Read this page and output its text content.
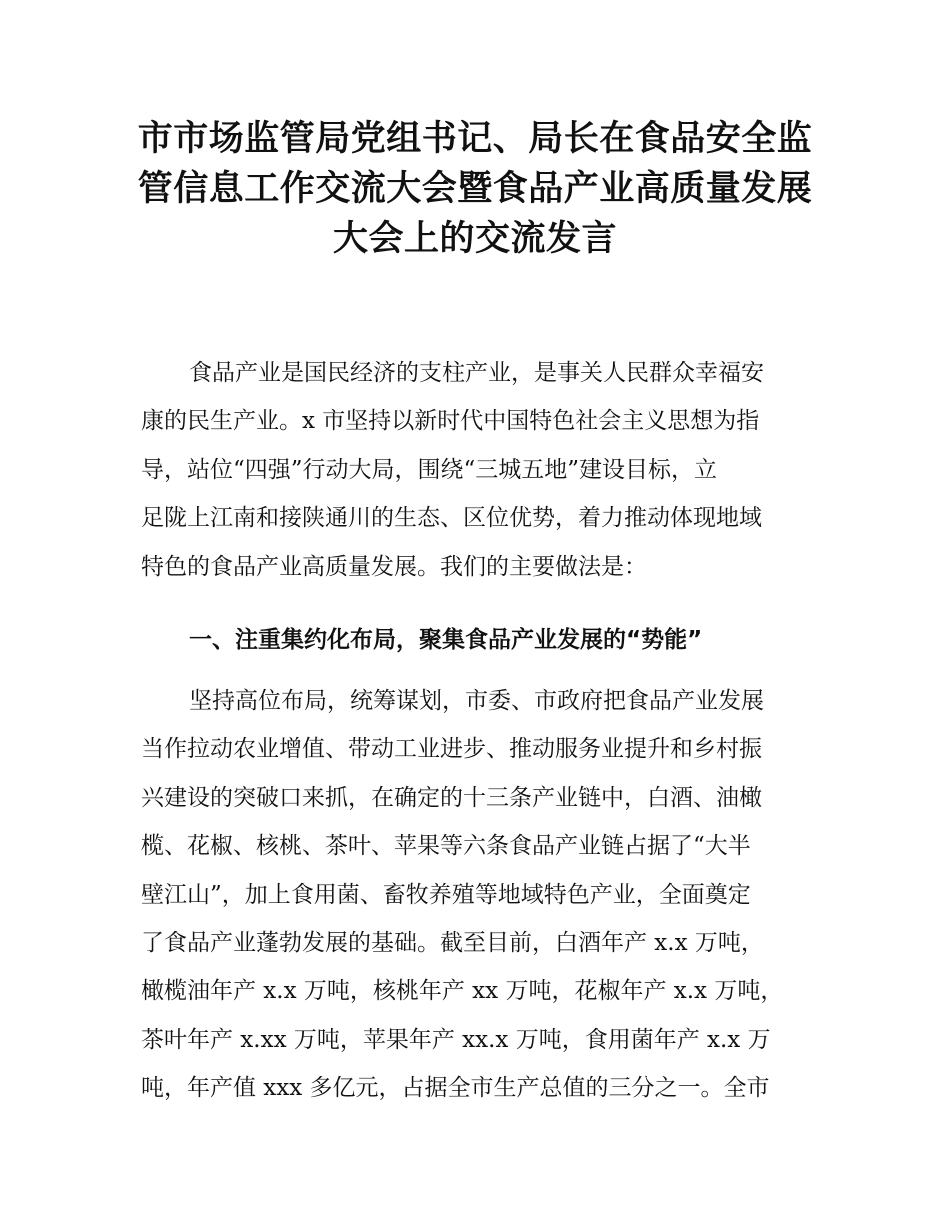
市市场监管局党组书记、局长在食品安全监
管信息工作交流大会暨食品产业高质量发展
大会上的交流发言

食品产业是国民经济的支柱产业，是事关人民群众幸福安
康的民生产业。x 市坚持以新时代中国特色社会主义思想为指
导，站位“四强”行动大局，围绕“三城五地”建设目标，立
足陇上江南和接陕通川的生态、区位优势，着力推动体现地域
特色的食品产业高质量发展。我们的主要做法是：

一、注重集约化布局，聚集食品产业发展的“势能”

坚持高位布局，统筹谋划，市委、市政府把食品产业发展
当作拉动农业增值、带动工业进步、推动服务业提升和乡村振
兴建设的突破口来抓，在确定的十三条产业链中，白酒、油橄
榄、花椒、核桃、茶叶、苹果等六条食品产业链占据了“大半
壁江山”，加上食用菌、畜牧养殖等地域特色产业，全面奠定
了食品产业蓬勃发展的基础。截至目前，白酒年产 x.x 万吨，
橄榄油年产 x.x 万吨，核桃年产 xx 万吨，花椒年产 x.x 万吨，
茶叶年产 x.xx 万吨，苹果年产 xx.x 万吨，食用菌年产 x.x 万
吨，年产值 xxx 多亿元，占据全市生产总值的三分之一。全市
